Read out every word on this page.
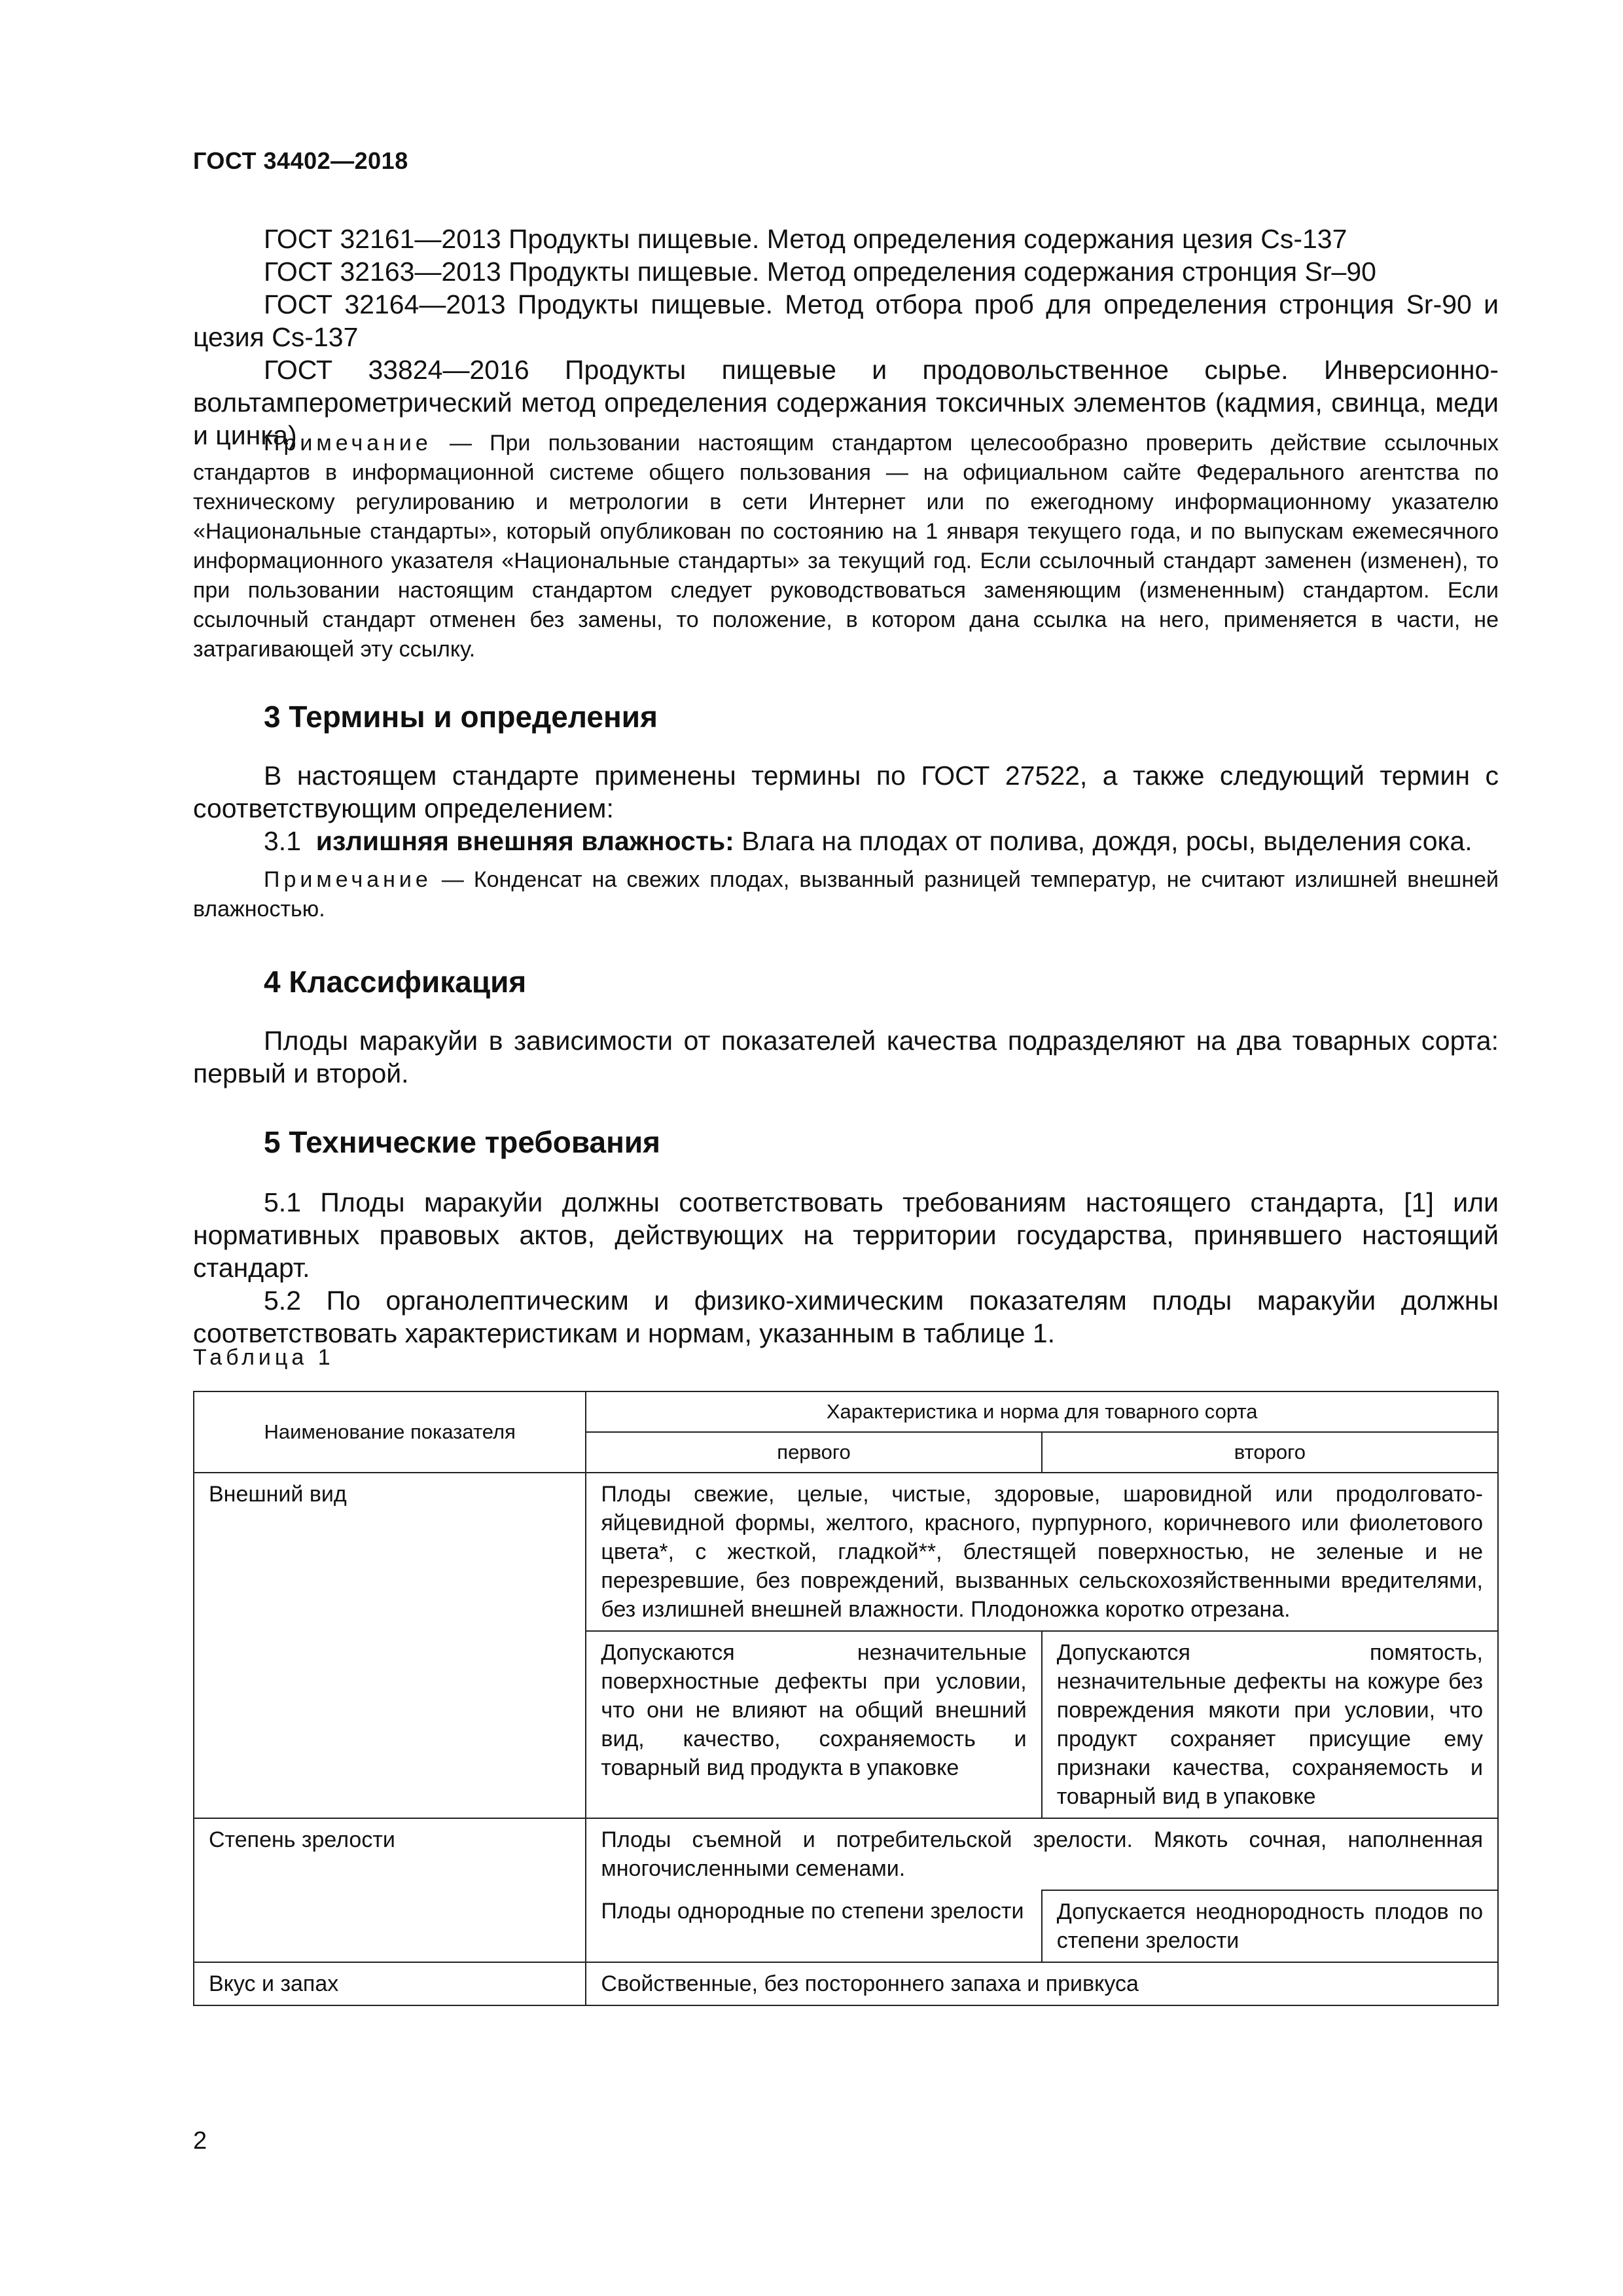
ГОСТ 34402—2018

ГОСТ 32161—2013 Продукты пищевые. Метод определения содержания цезия Cs-137

ГОСТ 32163—2013 Продукты пищевые. Метод определения содержания стронция Sr–90

ГОСТ 32164—2013 Продукты пищевые. Метод отбора проб для определения стронция Sr-90 и цезия Cs-137

ГОСТ 33824—2016 Продукты пищевые и продовольственное сырье. Инверсионно-вольтамперометрический метод определения содержания токсичных элементов (кадмия, свинца, меди и цинка)

Примечание — При пользовании настоящим стандартом целесообразно проверить действие ссылочных стандартов в информационной системе общего пользования — на официальном сайте Федерального агентства по техническому регулированию и метрологии в сети Интернет или по ежегодному информационному указателю «Национальные стандарты», который опубликован по состоянию на 1 января текущего года, и по выпускам ежемесячного информационного указателя «Национальные стандарты» за текущий год. Если ссылочный стандарт заменен (изменен), то при пользовании настоящим стандартом следует руководствоваться заменяющим (измененным) стандартом. Если ссылочный стандарт отменен без замены, то положение, в котором дана ссылка на него, применяется в части, не затрагивающей эту ссылку.

3 Термины и определения

В настоящем стандарте применены термины по ГОСТ 27522, а также следующий термин с соответствующим определением:

3.1 излишняя внешняя влажность: Влага на плодах от полива, дождя, росы, выделения сока.

Примечание — Конденсат на свежих плодах, вызванный разницей температур, не считают излишней внешней влажностью.

4 Классификация

Плоды маракуйи в зависимости от показателей качества подразделяют на два товарных сорта: первый и второй.

5 Технические требования

5.1 Плоды маракуйи должны соответствовать требованиям настоящего стандарта, [1] или нормативных правовых актов, действующих на территории государства, принявшего настоящий стандарт.

5.2 По органолептическим и физико-химическим показателям плоды маракуйи должны соответствовать характеристикам и нормам, указанным в таблице 1.

Таблица 1
Наименование показателя	Характеристика и норма для товарного сорта	
	первого	второго
Внешний вид	Плоды свежие, целые, чистые, здоровые, шаровидной или продолговато-яйцевидной формы, желтого, красного, пурпурного, коричневого или фиолетового цвета*, с жесткой, гладкой**, блестящей поверхностью, не зеленые и не перезревшие, без повреждений, вызванных сельскохозяйственными вредителями, без излишней внешней влажности. Плодоножка коротко отрезана.	
	Допускаются незначительные поверхностные дефекты при условии, что они не влияют на общий внешний вид, качество, сохраняемость и товарный вид продукта в упаковке	Допускаются помятость, незначительные дефекты на кожуре без повреждения мякоти при условии, что продукт сохраняет присущие ему признаки качества, сохраняемость и товарный вид в упаковке
Степень зрелости	Плоды съемной и потребительской зрелости. Мякоть сочная, наполненная многочисленными семенами.	
	Плоды однородные по степени зрелости	Допускается неоднородность плодов по степени зрелости
Вкус и запах	Свойственные, без постороннего запаха и привкуса	
2
